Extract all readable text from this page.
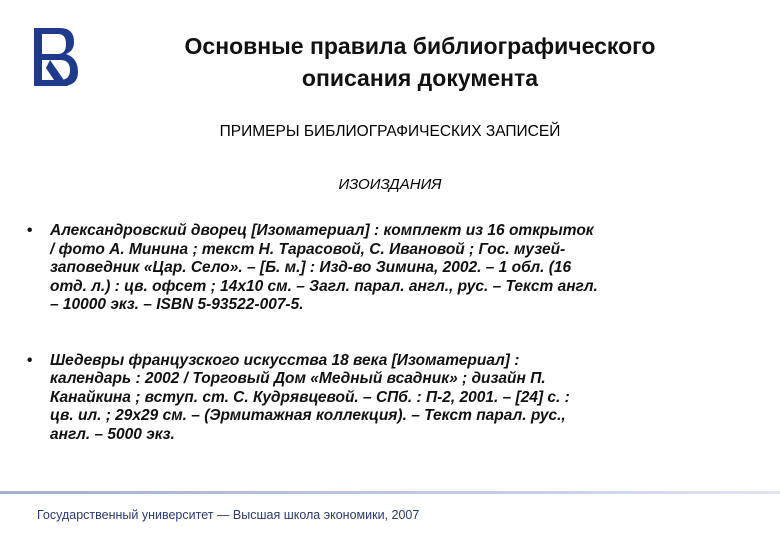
Основные правила библиографического
описания документа
ПРИМЕРЫ БИБЛИОГРАФИЧЕСКИХ ЗАПИСЕЙ
ИЗОИЗДАНИЯ
• Александровский дворец [Изоматериал] : комплект из 16 открыток
/ фото А. Минина ; текст Н. Тарасовой, С. Ивановой ; Гос. музей-
заповедник «Цар. Село». – [Б. м.] : Изд-во Зимина, 2002. – 1 обл. (16
отд. л.) : цв. офсет ; 14х10 см. – Загл. парал. англ., рус. – Текст англ.
– 10000 экз. – ISBN 5-93522-007-5.
• Шедевры французского искусства 18 века [Изоматериал] :
календарь : 2002 / Торговый Дом «Медный всадник» ; дизайн П.
Канайкина ; вступ. ст. С. Кудрявцевой. – СПб. : П-2, 2001. – [24] с. :
цв. ил. ; 29х29 см. – (Эрмитажная коллекция). – Текст парал. рус.,
англ. – 5000 экз.
Государственный университет — Высшая школа экономики, 2007
